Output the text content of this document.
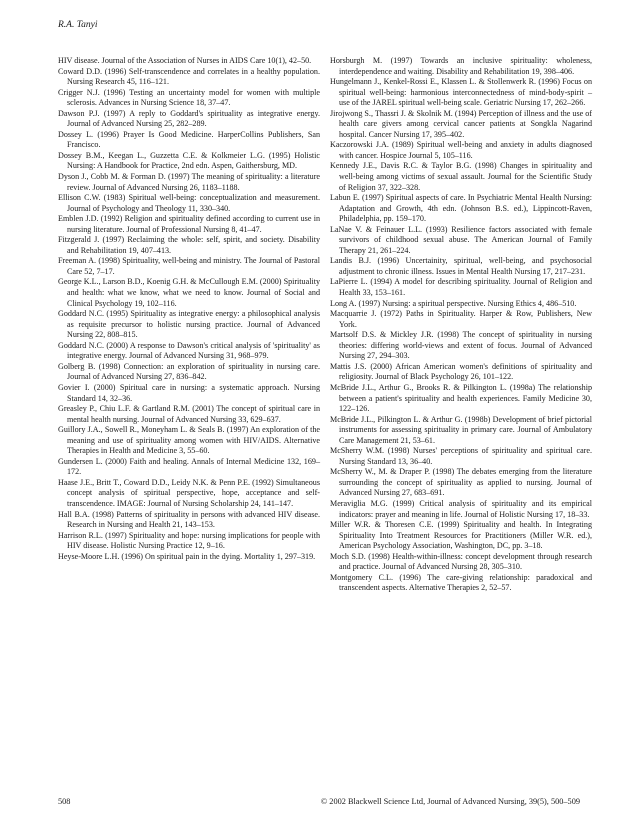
R.A. Tanyi

HIV disease. Journal of the Association of Nurses in AIDS Care 10(1), 42–50.

Coward D.D. (1996) Self-transcendence and correlates in a healthy population. Nursing Research 45, 116–121.

Crigger N.J. (1996) Testing an uncertainty model for women with multiple sclerosis. Advances in Nursing Science 18, 37–47.

Dawson P.J. (1997) A reply to Goddard's spirituality as integrative energy. Journal of Advanced Nursing 25, 282–289.

Dossey L. (1996) Prayer Is Good Medicine. HarperCollins Publishers, San Francisco.

Dossey B.M., Keegan L., Guzzetta C.E. & Kolkmeier L.G. (1995) Holistic Nursing: A Handbook for Practice, 2nd edn. Aspen, Gaithersburg, MD.

Dyson J., Cobb M. & Forman D. (1997) The meaning of spirituality: a literature review. Journal of Advanced Nursing 26, 1183–1188.

Ellison C.W. (1983) Spiritual well-being: conceptualization and measurement. Journal of Psychology and Theology 11, 330–340.

Emblen J.D. (1992) Religion and spirituality defined according to current use in nursing literature. Journal of Professional Nursing 8, 41–47.

Fitzgerald J. (1997) Reclaiming the whole: self, spirit, and society. Disability and Rehabilitation 19, 407–413.

Freeman A. (1998) Spirituality, well-being and ministry. The Journal of Pastoral Care 52, 7–17.

George K.L., Larson B.D., Koenig G.H. & McCullough E.M. (2000) Spirituality and health: what we know, what we need to know. Journal of Social and Clinical Psychology 19, 102–116.

Goddard N.C. (1995) Spirituality as integrative energy: a philosophical analysis as requisite precursor to holistic nursing practice. Journal of Advanced Nursing 22, 808–815.

Goddard N.C. (2000) A response to Dawson's critical analysis of 'spirituality' as integrative energy. Journal of Advanced Nursing 31, 968–979.

Golberg B. (1998) Connection: an exploration of spirituality in nursing care. Journal of Advanced Nursing 27, 836–842.

Govier I. (2000) Spiritual care in nursing: a systematic approach. Nursing Standard 14, 32–36.

Greasley P., Chiu L.F. & Gartland R.M. (2001) The concept of spiritual care in mental health nursing. Journal of Advanced Nursing 33, 629–637.

Guillory J.A., Sowell R., Moneyham L. & Seals B. (1997) An exploration of the meaning and use of spirituality among women with HIV/AIDS. Alternative Therapies in Health and Medicine 3, 55–60.

Gundersen L. (2000) Faith and healing. Annals of Internal Medicine 132, 169–172.

Haase J.E., Britt T., Coward D.D., Leidy N.K. & Penn P.E. (1992) Simultaneous concept analysis of spiritual perspective, hope, acceptance and self-transcendence. IMAGE: Journal of Nursing Scholarship 24, 141–147.

Hall B.A. (1998) Patterns of spirituality in persons with advanced HIV disease. Research in Nursing and Health 21, 143–153.

Harrison R.L. (1997) Spirituality and hope: nursing implications for people with HIV disease. Holistic Nursing Practice 12, 9–16.

Heyse-Moore L.H. (1996) On spiritual pain in the dying. Mortality 1, 297–319.

Horsburgh M. (1997) Towards an inclusive spirituality: wholeness, interdependence and waiting. Disability and Rehabilitation 19, 398–406.

Hungelmann J., Kenkel-Rossi E., Klassen L. & Stollenwerk R. (1996) Focus on spiritual well-being: harmonious interconnectedness of mind-body-spirit – use of the JAREL spiritual well-being scale. Geriatric Nursing 17, 262–266.

Jirojwong S., Thassri J. & Skolnik M. (1994) Perception of illness and the use of health care givers among cervical cancer patients at Songkla Nagarind hospital. Cancer Nursing 17, 395–402.

Kaczorowski J.A. (1989) Spiritual well-being and anxiety in adults diagnosed with cancer. Hospice Journal 5, 105–116.

Kennedy J.E., Davis R.C. & Taylor B.G. (1998) Changes in spirituality and well-being among victims of sexual assault. Journal for the Scientific Study of Religion 37, 322–328.

Labun E. (1997) Spiritual aspects of care. In Psychiatric Mental Health Nursing: Adaptation and Growth, 4th edn. (Johnson B.S. ed.), Lippincott-Raven, Philadelphia, pp. 159–170.

LaNae V. & Feinauer L.L. (1993) Resilience factors associated with female survivors of childhood sexual abuse. The American Journal of Family Therapy 21, 261–224.

Landis B.J. (1996) Uncertainity, spiritual, well-being, and psychosocial adjustment to chronic illness. Issues in Mental Health Nursing 17, 217–231.

LaPierre L. (1994) A model for describing spirituality. Journal of Religion and Health 33, 153–161.

Long A. (1997) Nursing: a spiritual perspective. Nursing Ethics 4, 486–510.

Macquarrie J. (1972) Paths in Spirituality. Harper & Row, Publishers, New York.

Martsolf D.S. & Mickley J.R. (1998) The concept of spirituality in nursing theories: differing world-views and extent of focus. Journal of Advanced Nursing 27, 294–303.

Mattis J.S. (2000) African American women's definitions of spirituality and religiosity. Journal of Black Psychology 26, 101–122.

McBride J.L., Arthur G., Brooks R. & Pilkington L. (1998a) The relationship between a patient's spirituality and health experiences. Family Medicine 30, 122–126.

McBride J.L., Pilkington L. & Arthur G. (1998b) Development of brief pictorial instruments for assessing spirituality in primary care. Journal of Ambulatory Care Management 21, 53–61.

McSherry W.M. (1998) Nurses' perceptions of spirituality and spiritual care. Nursing Standard 13, 36–40.

McSherry W., M. & Draper P. (1998) The debates emerging from the literature surrounding the concept of spirituality as applied to nursing. Journal of Advanced Nursing 27, 683–691.

Meraviglia M.G. (1999) Critical analysis of spirituality and its empirical indicators: prayer and meaning in life. Journal of Holistic Nursing 17, 18–33.

Miller W.R. & Thoresen C.E. (1999) Spirituality and health. In Integrating Spirituality Into Treatment Resources for Practitioners (Miller W.R. ed.), American Psychology Association, Washington, DC, pp. 3–18.

Moch S.D. (1998) Health-within-illness: concept development through research and practice. Journal of Advanced Nursing 28, 305–310.

Montgomery C.L. (1996) The care-giving relationship: paradoxical and transcendent aspects. Alternative Therapies 2, 52–57.

508	© 2002 Blackwell Science Ltd, Journal of Advanced Nursing, 39(5), 500–509
